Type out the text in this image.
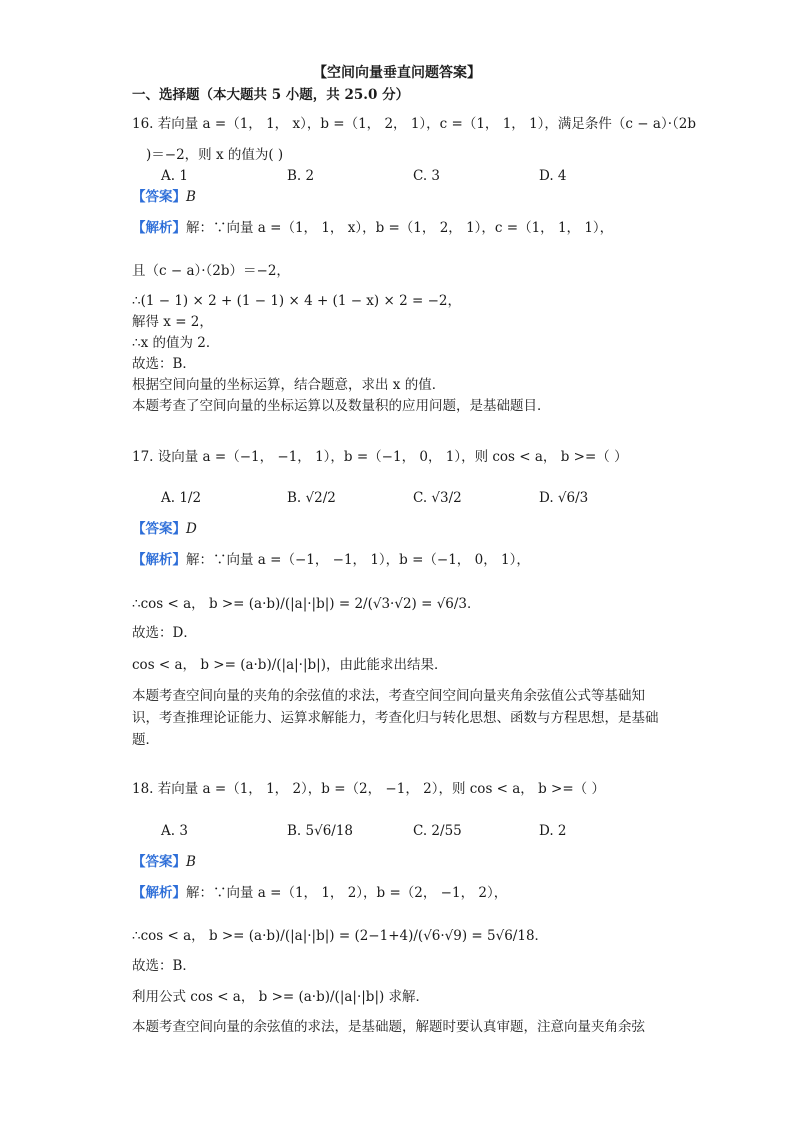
【空间向量垂直问题答案】
一、选择题（本大题共 5 小题，共 25.0 分）
16. 若向量 a =（1， 1， x），b =（1， 2， 1），c =（1， 1， 1），满足条件（c − a）·（2b
)＝−2，则 x 的值为( )
A. 1	B. 2	C. 3	D. 4
【答案】B
【解析】解：∵向量 a =（1， 1， x），b =（1， 2， 1），c =（1， 1， 1），
且（c − a）·（2b）＝−2，
∴(1 − 1) × 2 + (1 − 1) × 4 + (1 − x) × 2 = −2，
解得 x = 2，
∴x 的值为 2．
故选：B．
根据空间向量的坐标运算，结合题意，求出 x 的值．
本题考查了空间向量的坐标运算以及数量积的应用问题，是基础题目．
17. 设向量 a =（−1， −1， 1），b =（−1， 0， 1），则 cos < a， b >=（ ）
A. 1/2	B. √2/2	C. √3/2	D. √6/3
【答案】D
【解析】解：∵向量 a =（−1， −1， 1），b =（−1， 0， 1），
∴cos < a， b >= (a·b)/(|a|·|b|) = 2/(√3·√2) = √6/3．
故选：D．
cos < a， b >= (a·b)/(|a|·|b|)，由此能求出结果．
本题考查空间向量的夹角的余弦值的求法，考查空间空间向量夹角余弦值公式等基础知识，考查推理论证能力、运算求解能力，考查化归与转化思想、函数与方程思想，是基础题．
18. 若向量 a =（1， 1， 2），b =（2， −1， 2），则 cos < a， b >=（ ）
A. 3	B. 5√6/18	C. 2/55	D. 2
【答案】B
【解析】解：∵向量 a =（1， 1， 2），b =（2， −1， 2），
∴cos < a， b >= (a·b)/(|a|·|b|) = (2−1+4)/(√6·√9) = 5√6/18．
故选：B．
利用公式 cos < a， b >= (a·b)/(|a|·|b|) 求解．
本题考查空间向量的余弦值的求法，是基础题，解题时要认真审题，注意向量夹角余弦
